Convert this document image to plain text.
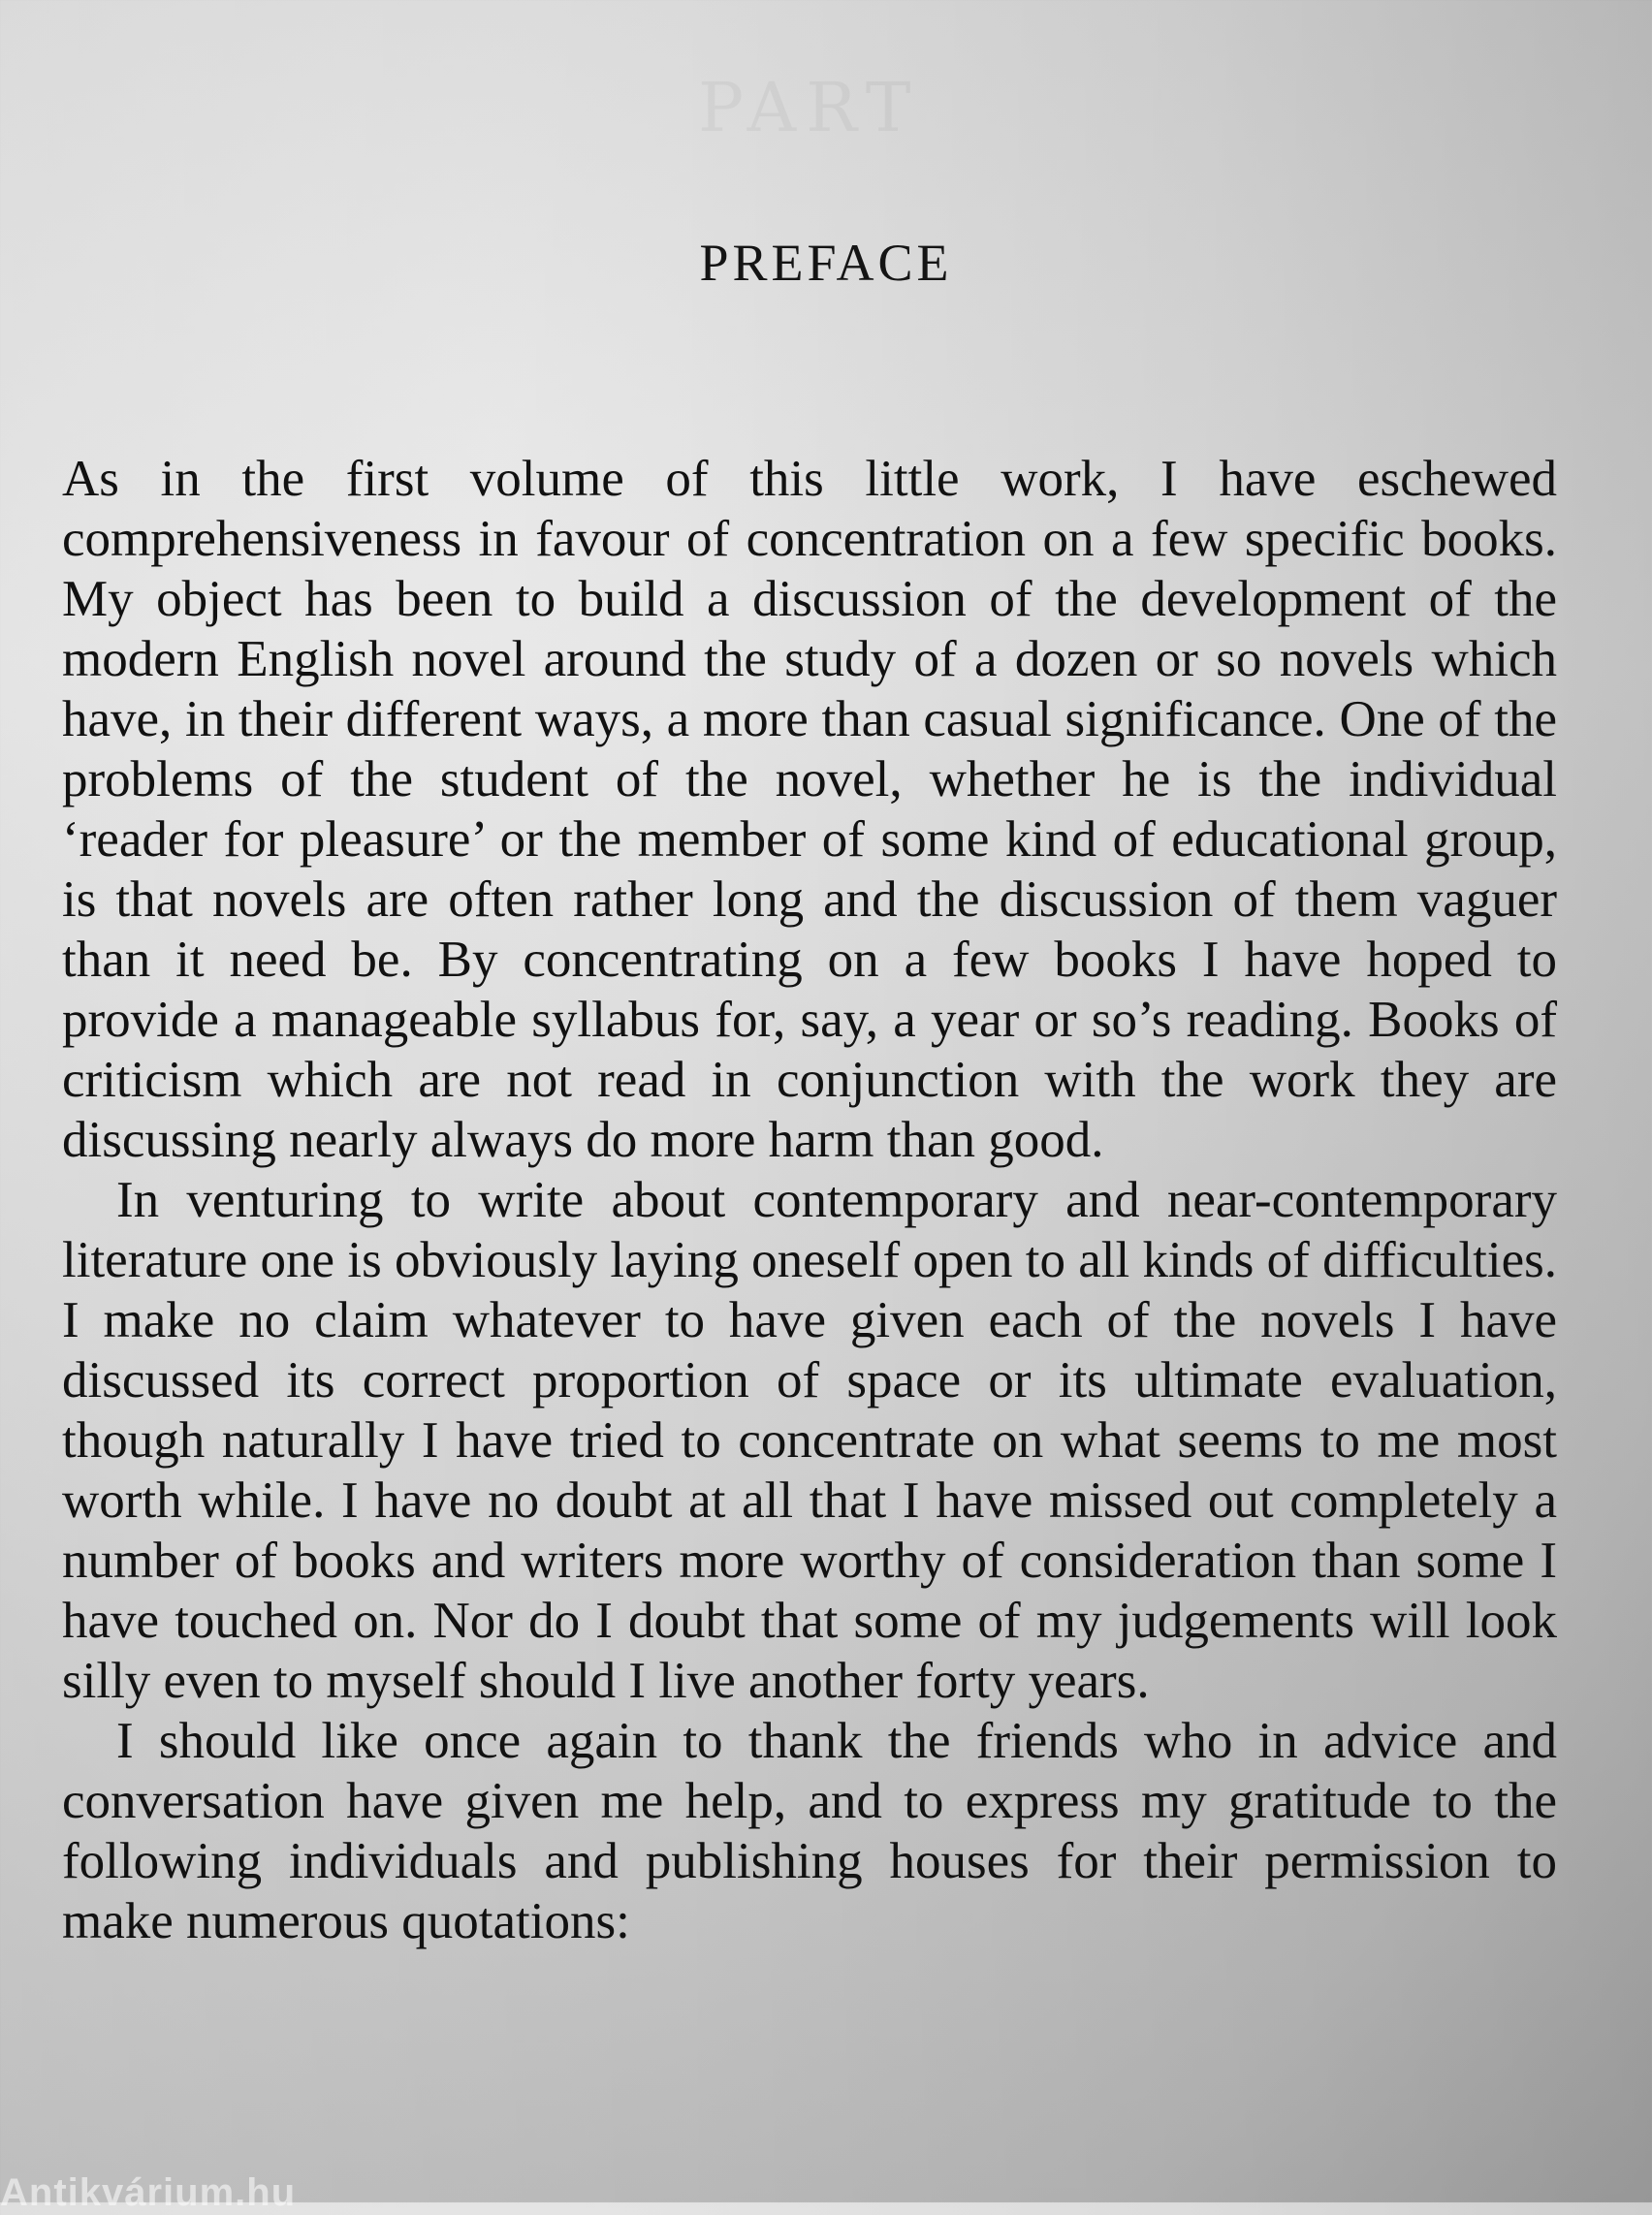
PREFACE

As in the first volume of this little work, I have eschewed comprehensiveness in favour of concentration on a few specific books. My object has been to build a discussion of the development of the modern English novel around the study of a dozen or so novels which have, in their different ways, a more than casual significance. One of the problems of the student of the novel, whether he is the individual ‘reader for pleasure’ or the member of some kind of educational group, is that novels are often rather long and the discussion of them vaguer than it need be. By concentrating on a few books I have hoped to provide a manageable syllabus for, say, a year or so’s reading. Books of criticism which are not read in conjunction with the work they are discussing nearly always do more harm than good.

In venturing to write about contemporary and near-contemporary literature one is obviously laying oneself open to all kinds of difficulties. I make no claim whatever to have given each of the novels I have discussed its correct proportion of space or its ultimate evaluation, though naturally I have tried to concentrate on what seems to me most worth while. I have no doubt at all that I have missed out completely a number of books and writers more worthy of consideration than some I have touched on. Nor do I doubt that some of my judgements will look silly even to myself should I live another forty years.

I should like once again to thank the friends who in advice and conversation have given me help, and to express my gratitude to the following individuals and publishing houses for their permission to make numerous quotations:

Antikvárium.hu
